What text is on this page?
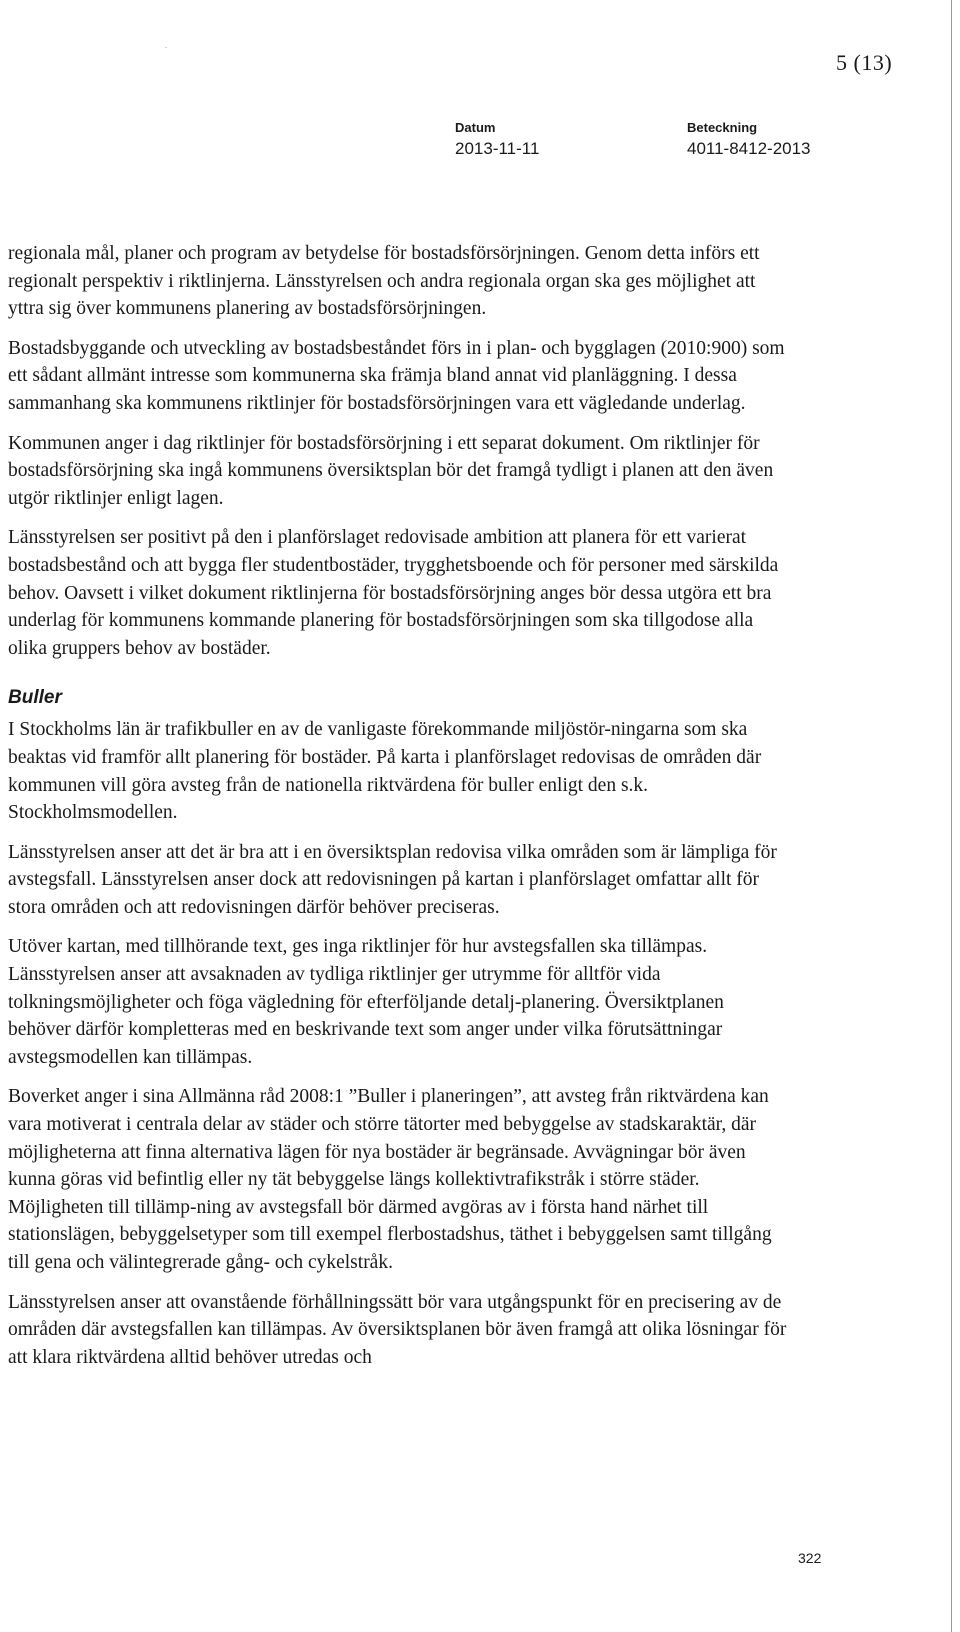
5 (13)
Datum
2013-11-11
Beteckning
4011-8412-2013

regionala mål, planer och program av betydelse för bostadsförsörjningen. Genom detta införs ett regionalt perspektiv i riktlinjerna. Länsstyrelsen och andra regionala organ ska ges möjlighet att yttra sig över kommunens planering av bostadsförsörjningen.

Bostadsbyggande och utveckling av bostadsbeståndet förs in i plan- och bygglagen (2010:900) som ett sådant allmänt intresse som kommunerna ska främja bland annat vid planläggning. I dessa sammanhang ska kommunens riktlinjer för bostadsförsörjningen vara ett vägledande underlag.

Kommunen anger i dag riktlinjer för bostadsförsörjning i ett separat dokument. Om riktlinjer för bostadsförsörjning ska ingå kommunens översiktsplan bör det framgå tydligt i planen att den även utgör riktlinjer enligt lagen.

Länsstyrelsen ser positivt på den i planförslaget redovisade ambition att planera för ett varierat bostadsbestånd och att bygga fler studentbostäder, trygghetsboende och för personer med särskilda behov. Oavsett i vilket dokument riktlinjerna för bostadsförsörjning anges bör dessa utgöra ett bra underlag för kommunens kommande planering för bostadsförsörjningen som ska tillgodose alla olika gruppers behov av bostäder.

Buller

I Stockholms län är trafikbuller en av de vanligaste förekommande miljöstör-ningarna som ska beaktas vid framför allt planering för bostäder. På karta i planförslaget redovisas de områden där kommunen vill göra avsteg från de nationella riktvärdena för buller enligt den s.k. Stockholmsmodellen.

Länsstyrelsen anser att det är bra att i en översiktsplan redovisa vilka områden som är lämpliga för avstegsfall. Länsstyrelsen anser dock att redovisningen på kartan i planförslaget omfattar allt för stora områden och att redovisningen därför behöver preciseras.

Utöver kartan, med tillhörande text, ges inga riktlinjer för hur avstegsfallen ska tillämpas. Länsstyrelsen anser att avsaknaden av tydliga riktlinjer ger utrymme för alltför vida tolkningsmöjligheter och föga vägledning för efterföljande detalj-planering. Översiktplanen behöver därför kompletteras med en beskrivande text som anger under vilka förutsättningar avstegsmodellen kan tillämpas.

Boverket anger i sina Allmänna råd 2008:1 ”Buller i planeringen”, att avsteg från riktvärdena kan vara motiverat i centrala delar av städer och större tätorter med bebyggelse av stadskaraktär, där möjligheterna att finna alternativa lägen för nya bostäder är begränsade. Avvägningar bör även kunna göras vid befintlig eller ny tät bebyggelse längs kollektivtrafikstråk i större städer. Möjligheten till tillämp-ning av avstegsfall bör därmed avgöras av i första hand närhet till stationslägen, bebyggelsetyper som till exempel flerbostadshus, täthet i bebyggelsen samt tillgång till gena och välintegrerade gång- och cykelstråk.

Länsstyrelsen anser att ovanstående förhållningssätt bör vara utgångspunkt för en precisering av de områden där avstegsfallen kan tillämpas. Av översiktsplanen bör även framgå att olika lösningar för att klara riktvärdena alltid behöver utredas och

322
